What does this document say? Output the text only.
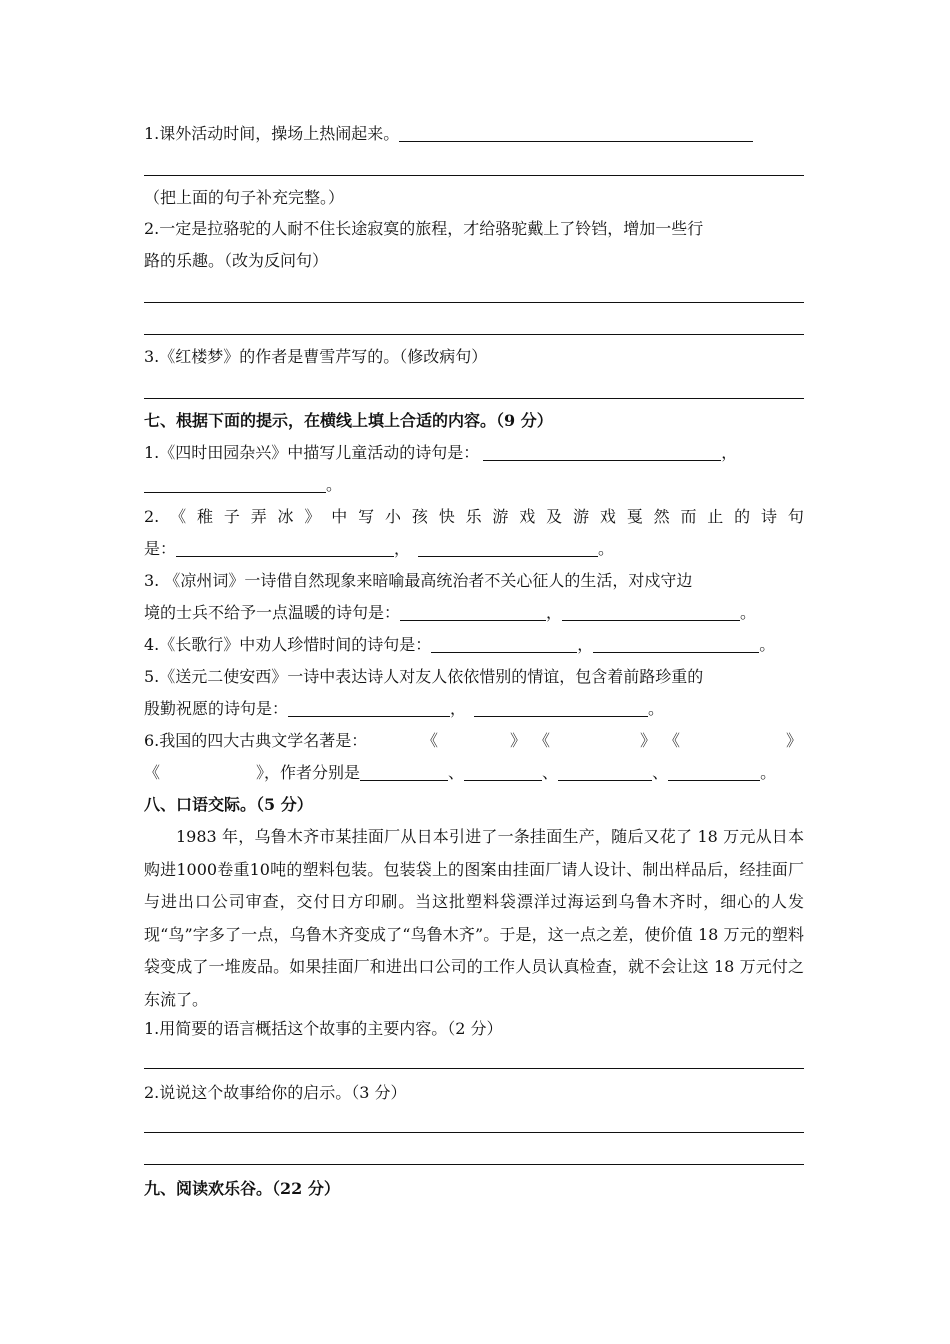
1.课外活动时间，操场上热闹起来。
（把上面的句子补充完整。）
2.一定是拉骆驼的人耐不住长途寂寞的旅程，才给骆驼戴上了铃铛，增加一些行
路的乐趣。（改为反问句）
3.《红楼梦》的作者是曹雪芹写的。（修改病句）
七、根据下面的提示，在横线上填上合适的内容。（9 分）
1.《四时田园杂兴》中描写儿童活动的诗句是：	，
。
2. 《 稚 子 弄 冰 》 中 写 小 孩 快 乐 游 戏 及 游 戏 戛 然 而 止 的 诗 句
是：	，	。
3. 《凉州词》一诗借自然现象来暗喻最高统治者不关心征人的生活，对戍守边
境的士兵不给予一点温暖的诗句是：	，	。
4.《长歌行》中劝人珍惜时间的诗句是：	，	。
5.《送元二使安西》一诗中表达诗人对友人依依惜别的情谊，包含着前路珍重的
殷勤祝愿的诗句是：	，	。
6.我国的四大古典文学名著是：	《	》 《	》 《	》
《	》，作者分别是	、	、	、	。
八、口语交际。（5 分）
1983 年，乌鲁木齐市某挂面厂从日本引进了一条挂面生产，随后又花了 18 万元从日本购进1000卷重10吨的塑料包装。包装袋上的图案由挂面厂请人设计、制出样品后，经挂面厂与进出口公司审查，交付日方印刷。当这批塑料袋漂洋过海运到乌鲁木齐时，细心的人发现“鸟”字多了一点，乌鲁木齐变成了“鸟鲁木齐”。于是，这一点之差，使价值 18 万元的塑料袋变成了一堆废品。如果挂面厂和进出口公司的工作人员认真检查，就不会让这 18 万元付之东流了。
1.用简要的语言概括这个故事的主要内容。（2 分）
2.说说这个故事给你的启示。（3 分）
九、阅读欢乐谷。（22 分）
